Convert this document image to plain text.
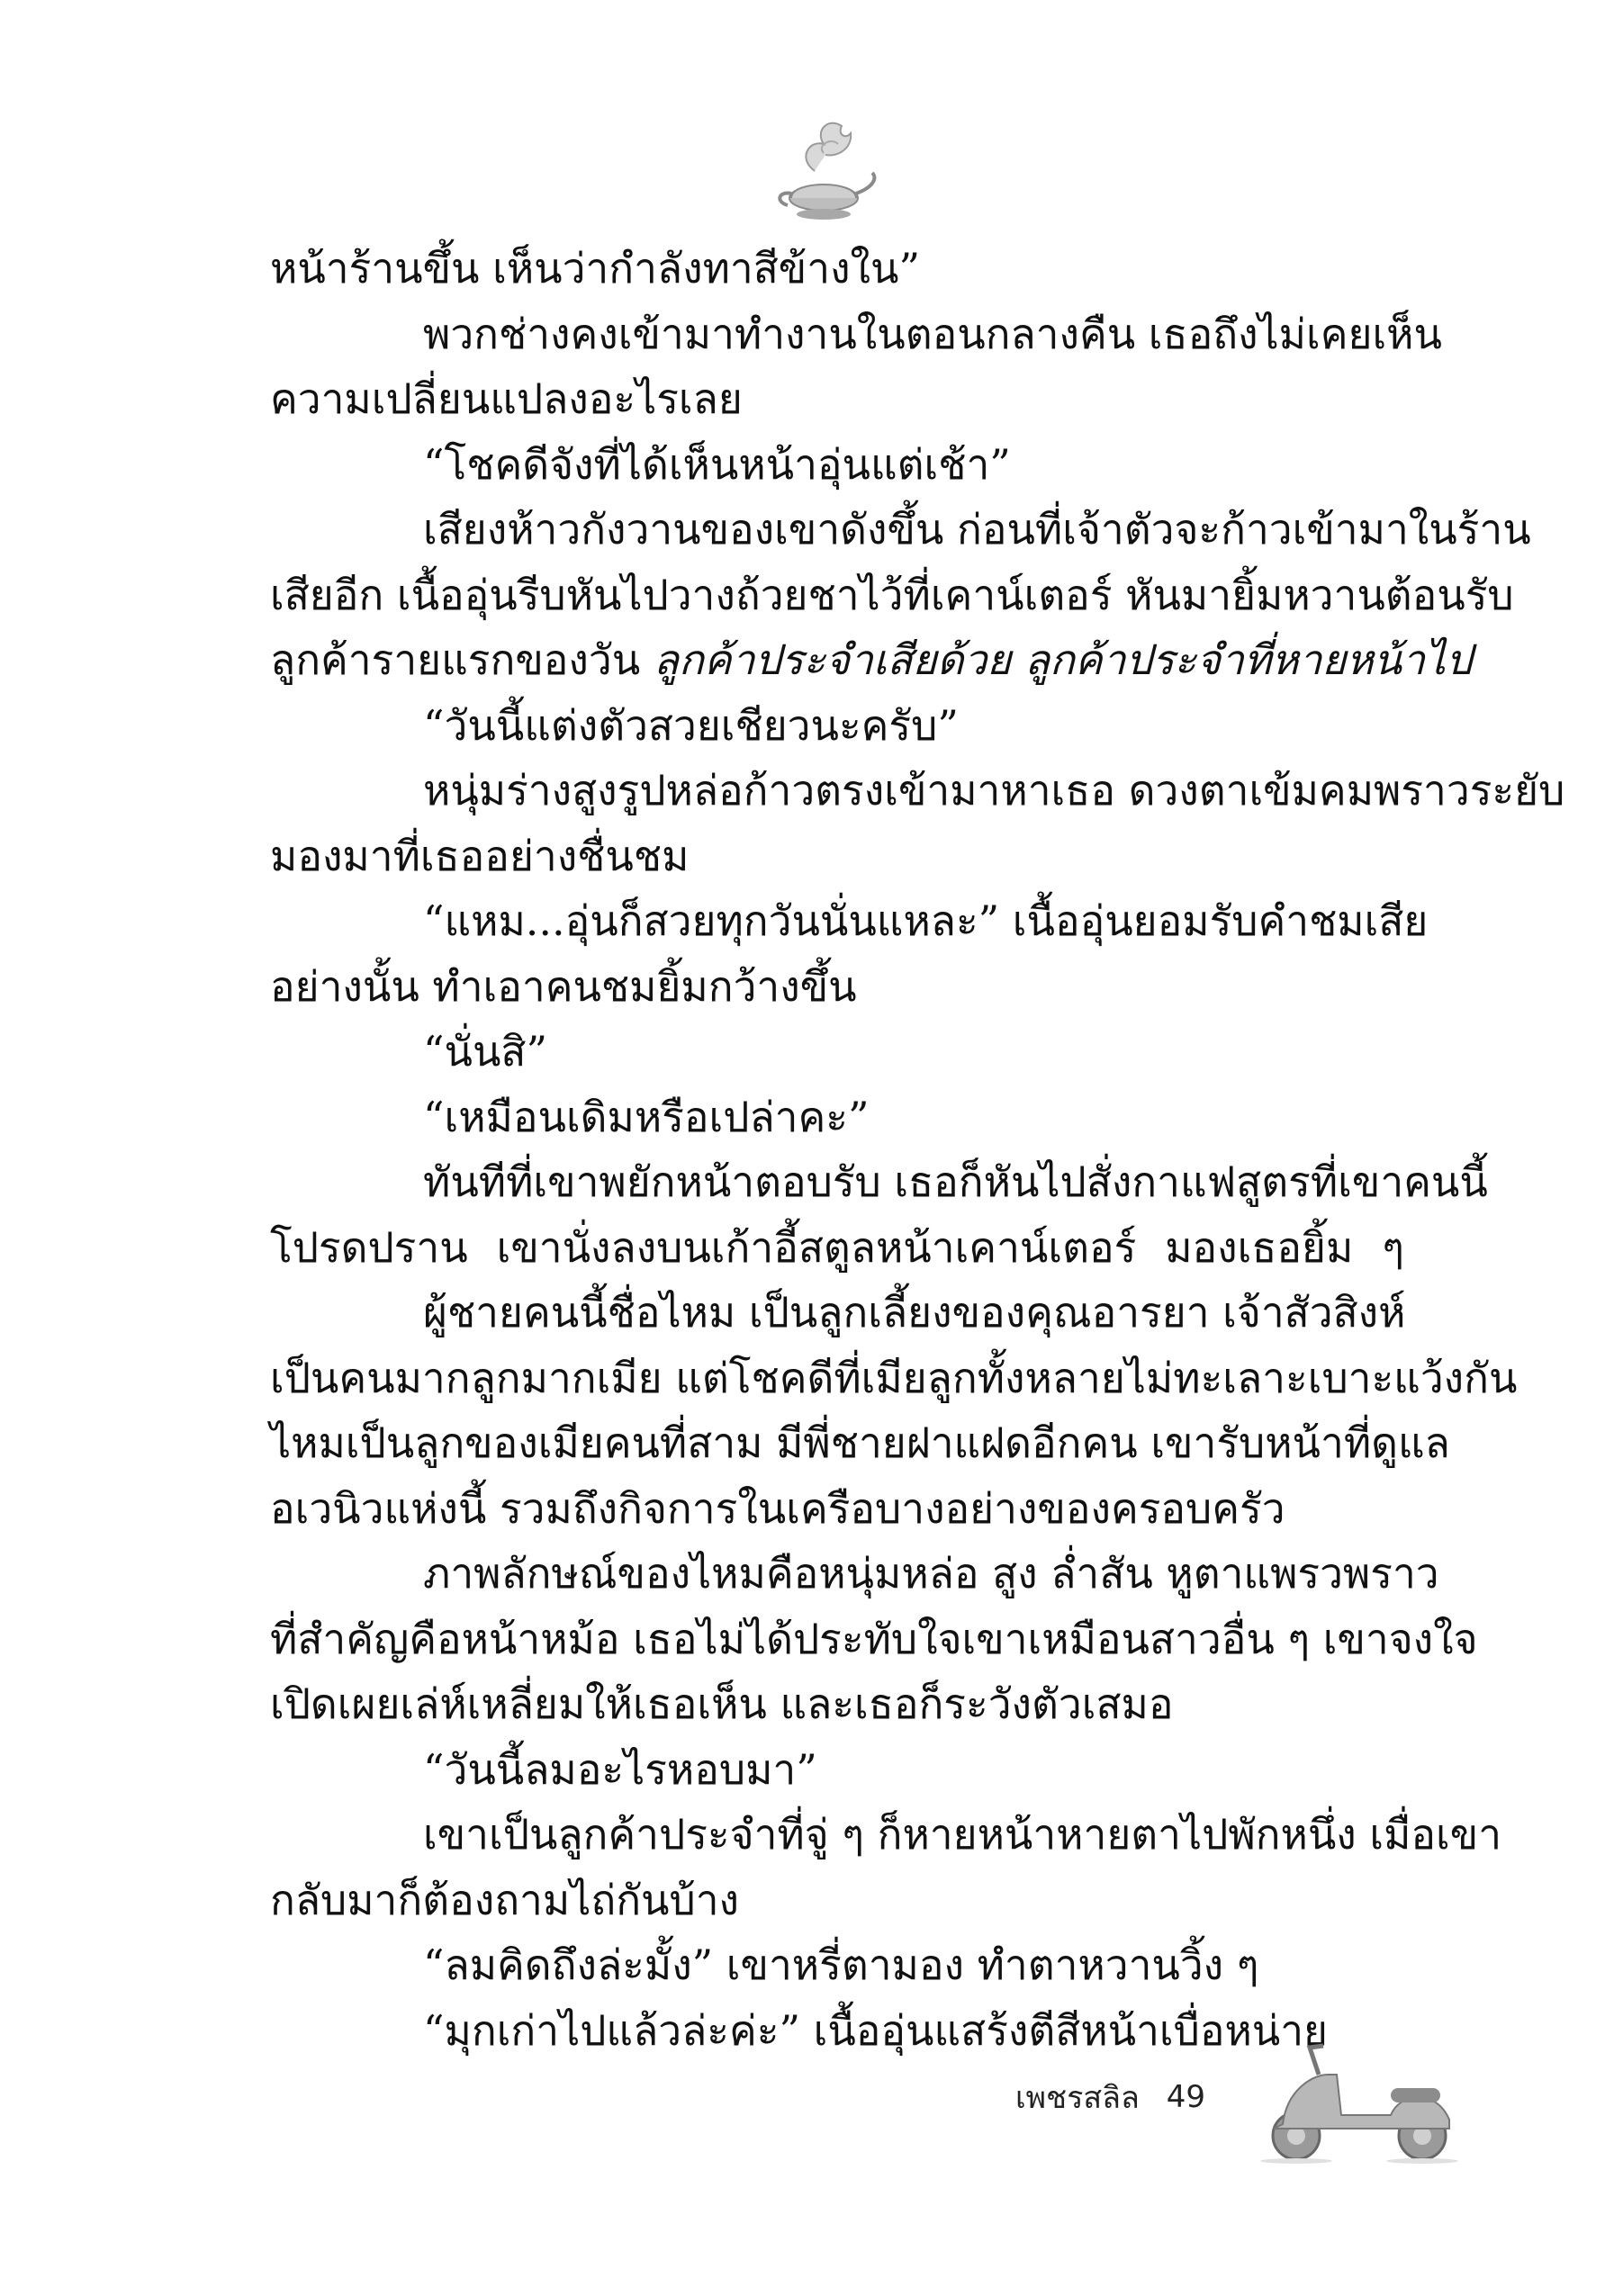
หน้าร้านขึ้น เห็นว่ากำลังทาสีข้างใน”
พวกช่างคงเข้ามาทำงานในตอนกลางคืน เธอถึงไม่เคยเห็น
ความเปลี่ยนแปลงอะไรเลย
“โชคดีจังที่ได้เห็นหน้าอุ่นแต่เช้า”
เสียงห้าวกังวานของเขาดังขึ้น ก่อนที่เจ้าตัวจะก้าวเข้ามาในร้าน
เสียอีก เนื้ออุ่นรีบหันไปวางถ้วยชาไว้ที่เคาน์เตอร์ หันมายิ้มหวานต้อนรับ
ลูกค้ารายแรกของวัน ลูกค้าประจำเสียด้วย ลูกค้าประจำที่หายหน้าไป
“วันนี้แต่งตัวสวยเชียวนะครับ”
หนุ่มร่างสูงรูปหล่อก้าวตรงเข้ามาหาเธอ ดวงตาเข้มคมพราวระยับ
มองมาที่เธออย่างชื่นชม
“แหม...อุ่นก็สวยทุกวันนั่นแหละ” เนื้ออุ่นยอมรับคำชมเสีย
อย่างนั้น ทำเอาคนชมยิ้มกว้างขึ้น
“นั่นสิ”
“เหมือนเดิมหรือเปล่าคะ”
ทันทีที่เขาพยักหน้าตอบรับ เธอก็หันไปสั่งกาแฟสูตรที่เขาคนนี้
โปรดปราน เขานั่งลงบนเก้าอี้สตูลหน้าเคาน์เตอร์ มองเธอยิ้ม ๆ
ผู้ชายคนนี้ชื่อไหม เป็นลูกเลี้ยงของคุณอารยา เจ้าสัวสิงห์
เป็นคนมากลูกมากเมีย แต่โชคดีที่เมียลูกทั้งหลายไม่ทะเลาะเบาะแว้งกัน
ไหมเป็นลูกของเมียคนที่สาม มีพี่ชายฝาแฝดอีกคน เขารับหน้าที่ดูแล
อเวนิวแห่งนี้ รวมถึงกิจการในเครือบางอย่างของครอบครัว
ภาพลักษณ์ของไหมคือหนุ่มหล่อ สูง ล่ำสัน หูตาแพรวพราว
ที่สำคัญคือหน้าหม้อ เธอไม่ได้ประทับใจเขาเหมือนสาวอื่น ๆ เขาจงใจ
เปิดเผยเล่ห์เหลี่ยมให้เธอเห็น และเธอก็ระวังตัวเสมอ
“วันนี้ลมอะไรหอบมา”
เขาเป็นลูกค้าประจำที่จู่ ๆ ก็หายหน้าหายตาไปพักหนึ่ง เมื่อเขา
กลับมาก็ต้องถามไถ่กันบ้าง
“ลมคิดถึงล่ะมั้ง” เขาหรี่ตามอง ทำตาหวานวิ้ง ๆ
“มุกเก่าไปแล้วล่ะค่ะ” เนื้ออุ่นแสร้งตีสีหน้าเบื่อหน่าย
เพชรสลิล 49
